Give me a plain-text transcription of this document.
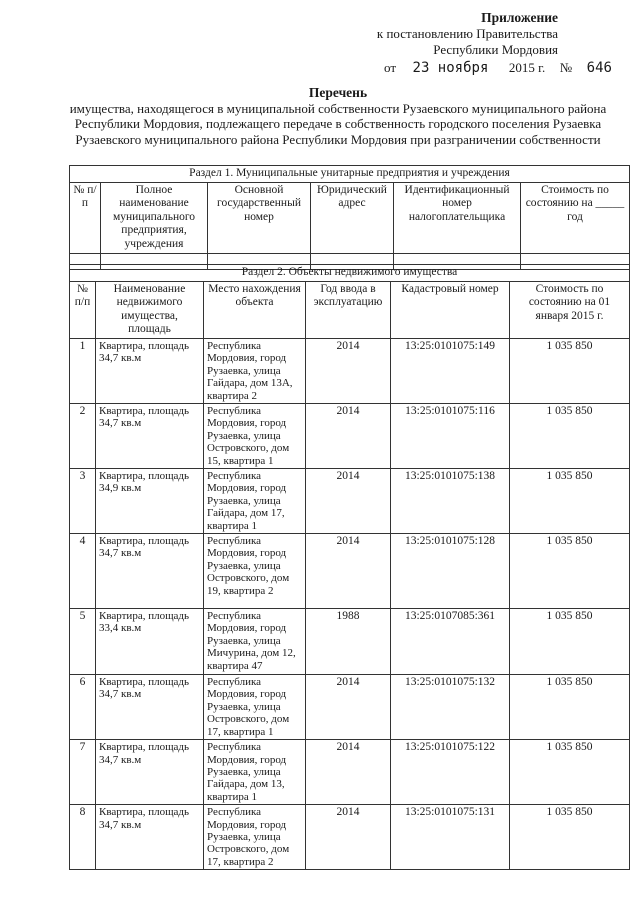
Приложение
к постановлению Правительства
Республики Мордовия
от 23 ноября 2015 г. № 646
Перечень
имущества, находящегося в муниципальной собственности Рузаевского муниципального района Республики Мордовия, подлежащего передаче в собственность городского поселения Рузаевка Рузаевского муниципального района Республики Мордовия при разграничении собственности
Раздел 1. Муниципальные унитарные предприятия и учреждения					
№ п/п	Полное наименование муниципального предприятия, учреждения	Основной государственный номер	Юридический адрес	Идентификационный номер налогоплательщика	Стоимость по состоянию на _____ год

Раздел 2. Объекты недвижимого имущества					
№ п/п	Наименование недвижимого имущества, площадь	Место нахождения объекта	Год ввода в эксплуатацию	Кадастровый номер	Стоимость по состоянию на 01 января 2015 г.
1	Квартира, площадь 34,7 кв.м	Республика Мордовия, город Рузаевка, улица Гайдара, дом 13А, квартира 2	2014	13:25:0101075:149	1 035 850
2	Квартира, площадь 34,7 кв.м	Республика Мордовия, город Рузаевка, улица Островского, дом 15, квартира 1	2014	13:25:0101075:116	1 035 850
3	Квартира, площадь 34,9 кв.м	Республика Мордовия, город Рузаевка, улица Гайдара, дом 17, квартира 1	2014	13:25:0101075:138	1 035 850
4	Квартира, площадь 34,7 кв.м	Республика Мордовия, город Рузаевка, улица Островского, дом 19, квартира 2	2014	13:25:0101075:128	1 035 850
5	Квартира, площадь 33,4 кв.м	Республика Мордовия, город Рузаевка, улица Мичурина, дом 12, квартира 47	1988	13:25:0107085:361	1 035 850
6	Квартира, площадь 34,7 кв.м	Республика Мордовия, город Рузаевка, улица Островского, дом 17, квартира 1	2014	13:25:0101075:132	1 035 850
7	Квартира, площадь 34,7 кв.м	Республика Мордовия, город Рузаевка, улица Гайдара, дом 13, квартира 1	2014	13:25:0101075:122	1 035 850
8	Квартира, площадь 34,7 кв.м	Республика Мордовия, город Рузаевка, улица Островского, дом 17, квартира 2	2014	13:25:0101075:131	1 035 850
